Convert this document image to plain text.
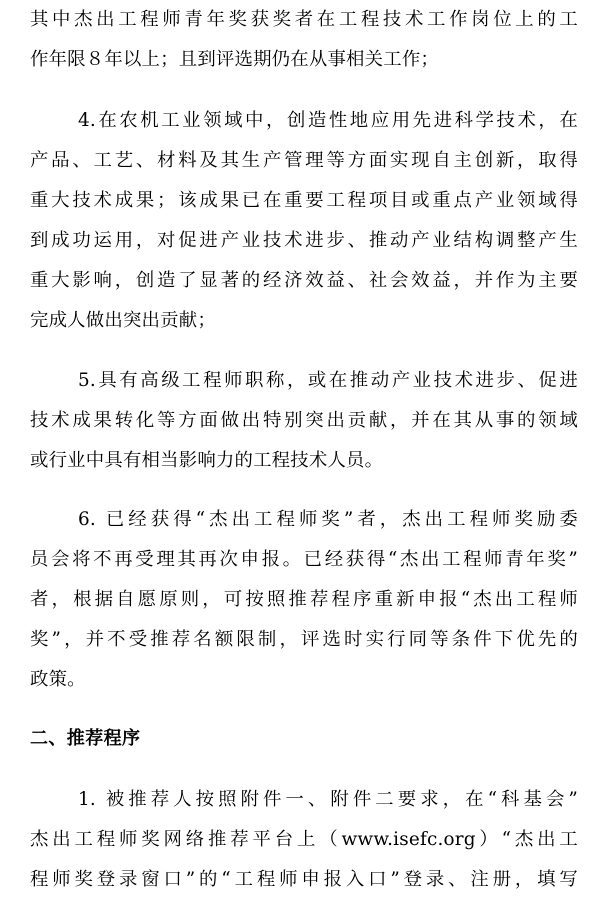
其中杰出工程师青年奖获奖者在工程技术工作岗位上的工
作年限８年以上；且到评选期仍在从事相关工作；
4.在农机工业领域中，创造性地应用先进科学技术，在
产品、工艺、材料及其生产管理等方面实现自主创新，取得
重大技术成果；该成果已在重要工程项目或重点产业领域得
到成功运用，对促进产业技术进步、推动产业结构调整产生
重大影响，创造了显著的经济效益、社会效益，并作为主要
完成人做出突出贡献；
5.具有高级工程师职称，或在推动产业技术进步、促进
技术成果转化等方面做出特别突出贡献，并在其从事的领域
或行业中具有相当影响力的工程技术人员。
6. 已经获得“杰出工程师奖”者，杰出工程师奖励委
员会将不再受理其再次申报。已经获得“杰出工程师青年奖”
者，根据自愿原则，可按照推荐程序重新申报“杰出工程师
奖”，并不受推荐名额限制，评选时实行同等条件下优先的
政策。
二、推荐程序
1. 被推荐人按照附件一、附件二要求，在“科基会”
杰出工程师奖网络推荐平台上（www.isefc.org）“杰出工
程师奖登录窗口”的“工程师申报入口”登录、注册，填写
